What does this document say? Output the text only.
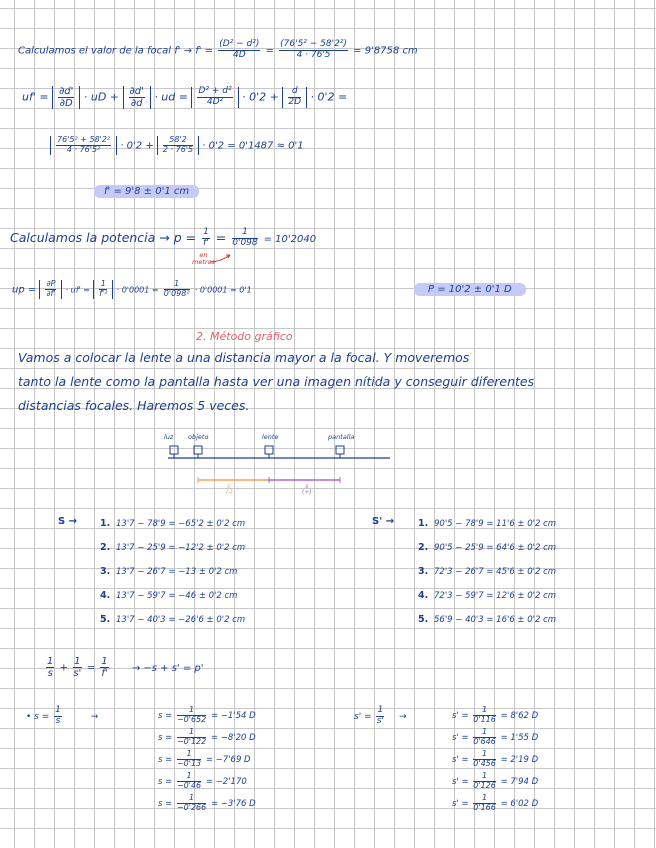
Calculamos el valor de la focal $f' \to f' = \frac{\text{(D² − d²)}}{4D} = \frac{\text{(76'5² − 58'2²)}}{4 \cdot 76'5} = 9'8758$ cm
$uf' = \frac{\partial d'}{\partial D}$ · uD + $\frac{\partial d'}{\partial d}$ · ud = $\frac{\text{D² + d²}}{\text{4D²}} \cdot 0'2 + \frac{d}{2D} \cdot 0'2$ =
$\frac{\text{76'5² + 58'2²}}{\text{4 · 76'5²}} \cdot 0'2 + \frac{58'2}{2 \cdot 76'5} \cdot 0'2 = 0'1487 \approx 0'1$
f' = 9'8 ± 0'1 cm
Calculamos la potencia → $p = \frac{1}{f'} = \frac{1}{0'098} = 10'2040$
en
metros
up = $\frac{\partial P}{\partial f'} \cdot uf' = \frac{1}{\text{f'²}} \cdot 0'0001 = \frac{1}{\text{0'098²}} \cdot 0'0001 = 0'1$	P = 10'2 ± 0'1 D
2. Método gráfico
Vamos a colocar la lente a una distancia mayor a la focal. Y moveremos
tanto la lente como la pantalla hasta ver una imagen nítida y conseguir diferentes
distancias focales. Haremos 5 veces.
luz objeto	lente	pantalla
s'
(-)
s
(+)
S → 1. 13'7 − 78'9 = −65'2 ± 0'2 cm
2. 13'7 − 25'9 = −12'2 ± 0'2 cm
3. 13'7 − 26'7 = −13 ± 0'2 cm
4. 13'7 − 59'7 = −46 ± 0'2 cm
5. 13'7 − 40'3 = −26'6 ± 0'2 cm
S' →	1. 90'5 − 78'9 = 11'6 ± 0'2 cm
2. 90'5 − 25'9 = 64'6 ± 0'2 cm
3. 72'3 − 26'7 = 45'6 ± 0'2 cm
4. 72'3 − 59'7 = 12'6 ± 0'2 cm
5. 56'9 − 40'3 = 16'6 ± 0'2 cm
$\frac{1}{s} + \frac{1}{s'} = \frac{1}{f'} \to -s + s' = p'$
• $s = \frac{1}{s}$	→	$s = \frac{1}{-0'652} = -1'54$ D
$s = \frac{1}{-0'122} = -8'20$ D
$s = \frac{1}{-0'13} = -7'69$ D
$s = \frac{1}{-0'46} = -2'170$
$s = \frac{1}{-0'266} = -3'76$ D
$s' = \frac{1}{s'}$ →	$s' = \frac{1}{0'116} = 8'62$ D
$s' = \frac{1}{0'646} = 1'55$ D
$s' = \frac{1}{0'456} = 2'19$ D
$s' = \frac{1}{0'126} = 7'94$ D
$s' = \frac{1}{0'166} = 6'02$ D
